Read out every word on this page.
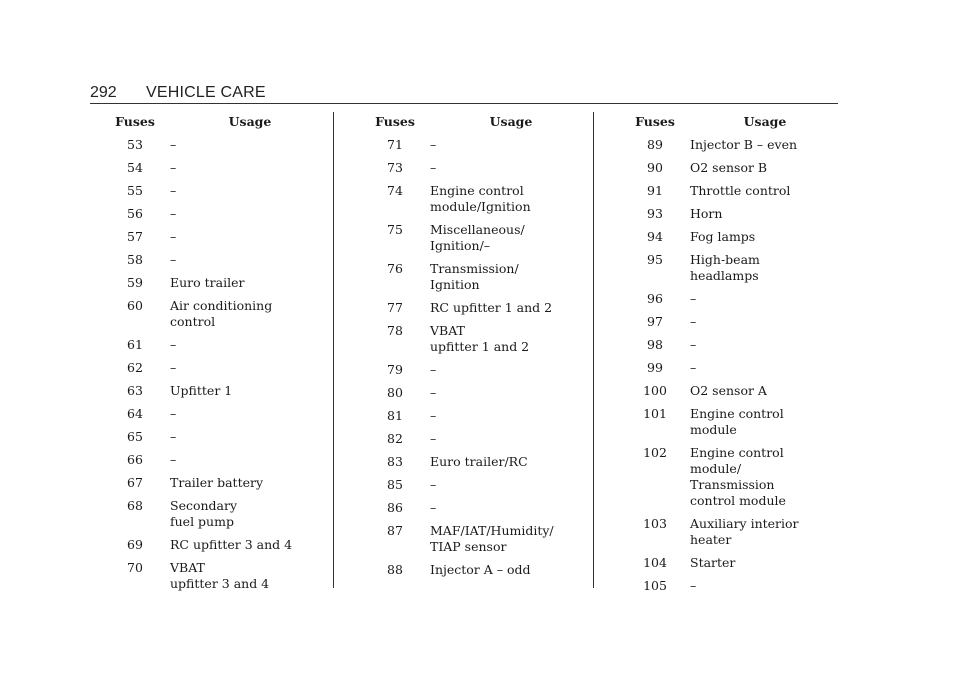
292 VEHICLE CARE
Fuses	Usage
53	–
54	–
55	–
56	–
57	–
58	–
59	Euro trailer
60	Air conditioning
control
61	–
62	–
63	Upfitter 1
64	–
65	–
66	–
67	Trailer battery
68	Secondary
fuel pump
69	RC upfitter 3 and 4
70	VBAT
upfitter 3 and 4
Fuses	Usage
71	–
73	–
74	Engine control
module/Ignition
75	Miscellaneous/
Ignition/–
76	Transmission/
Ignition
77	RC upfitter 1 and 2
78	VBAT
upfitter 1 and 2
79	–
80	–
81	–
82	–
83	Euro trailer/RC
85	–
86	–
87	MAF/IAT/Humidity/
TIAP sensor
88	Injector A – odd
Fuses	Usage
89	Injector B – even
90	O2 sensor B
91	Throttle control
93	Horn
94	Fog lamps
95	High-beam
headlamps
96	–
97	–
98	–
99	–
100	O2 sensor A
101	Engine control
module
102	Engine control
module/
Transmission
control module
103	Auxiliary interior
heater
104	Starter
105	–
